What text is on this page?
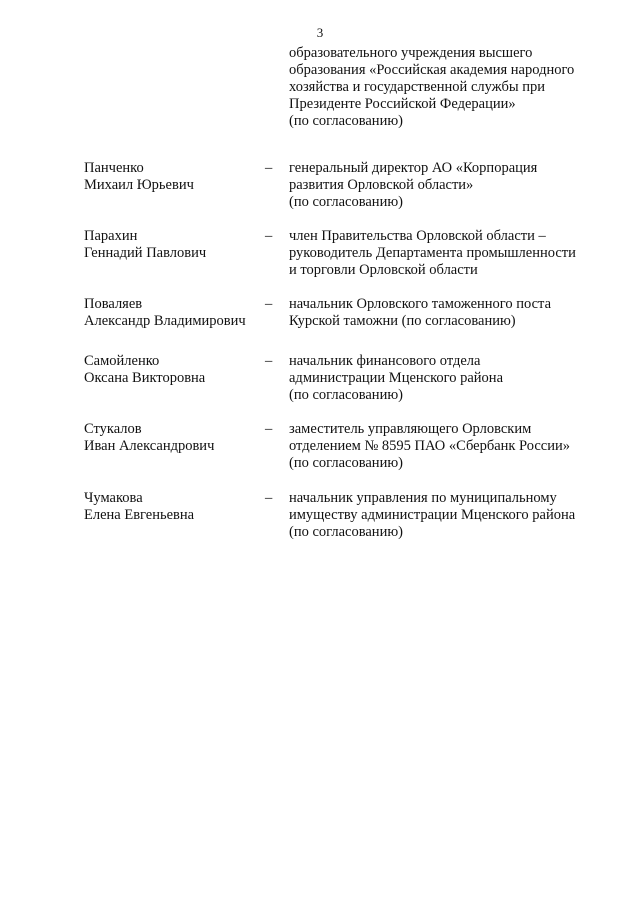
3
образовательного учреждения высшего
образования «Российская академия народного
хозяйства и государственной службы при
Президенте Российской Федерации»
(по согласованию)
Панченко
Михаил Юрьевич
– генеральный директор АО «Корпорация
развития Орловской области»
(по согласованию)
Парахин
Геннадий Павлович
– член Правительства Орловской области –
руководитель Департамента промышленности
и торговли Орловской области
Поваляев
Александр Владимирович
– начальник Орловского таможенного поста
Курской таможни (по согласованию)
Самойленко
Оксана Викторовна
– начальник финансового отдела
администрации Мценского района
(по согласованию)
Стукалов
Иван Александрович
– заместитель управляющего Орловским
отделением № 8595 ПАО «Сбербанк России»
(по согласованию)
Чумакова
Елена Евгеньевна
– начальник управления по муниципальному
имуществу администрации Мценского района
(по согласованию)
